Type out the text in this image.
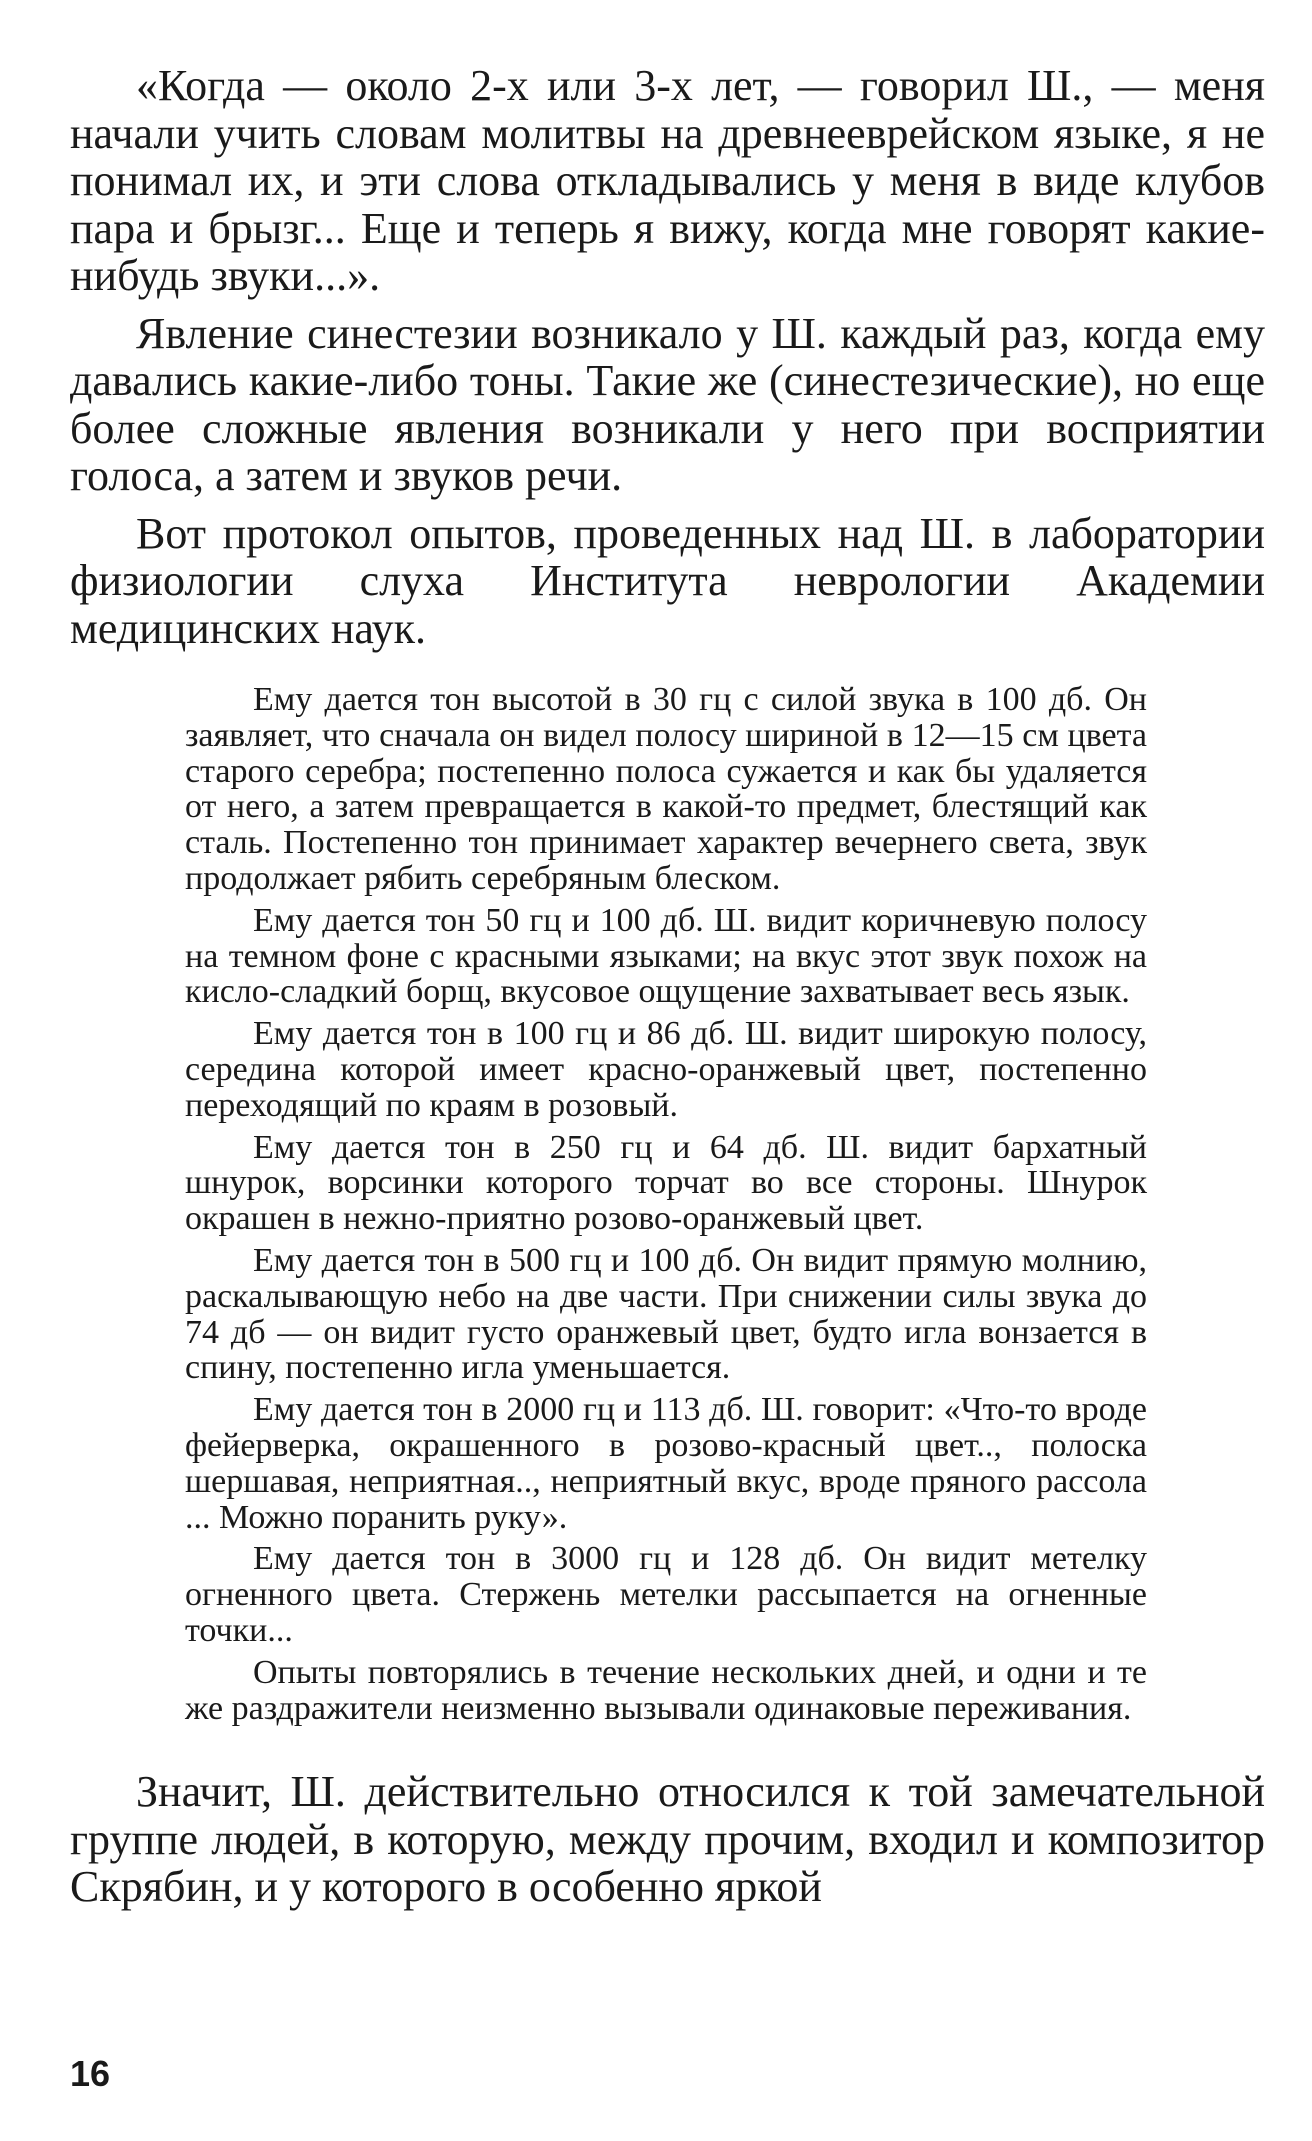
«Когда — около 2-х или 3-х лет, — говорил Ш., — меня начали учить словам молитвы на древнееврейском языке, я не понимал их, и эти слова откладывались у меня в виде клубов пара и брызг... Еще и теперь я вижу, когда мне говорят какие-нибудь звуки...».

Явление синестезии возникало у Ш. каждый раз, когда ему давались какие-либо тоны. Такие же (синестезические), но еще более сложные явления возникали у него при восприятии голоса, а затем и звуков речи.

Вот протокол опытов, проведенных над Ш. в лаборатории физиологии слуха Института неврологии Академии медицинских наук.

Ему дается тон высотой в 30 гц с силой звука в 100 дб. Он заявляет, что сначала он видел полосу шириной в 12—15 см цвета старого серебра; постепенно полоса сужается и как бы удаляется от него, а затем превращается в какой-то предмет, блестящий как сталь. Постепенно тон принимает характер вечернего света, звук продолжает рябить серебряным блеском.

Ему дается тон 50 гц и 100 дб. Ш. видит коричневую полосу на темном фоне с красными языками; на вкус этот звук похож на кисло-сладкий борщ, вкусовое ощущение захватывает весь язык.

Ему дается тон в 100 гц и 86 дб. Ш. видит широкую полосу, середина которой имеет красно-оранжевый цвет, постепенно переходящий по краям в розовый.

Ему дается тон в 250 гц и 64 дб. Ш. видит бархатный шнурок, ворсинки которого торчат во все стороны. Шнурок окрашен в нежно-приятно розово-оранжевый цвет.

Ему дается тон в 500 гц и 100 дб. Он видит прямую молнию, раскалывающую небо на две части. При снижении силы звука до 74 дб — он видит густо оранжевый цвет, будто игла вонзается в спину, постепенно игла уменьшается.

Ему дается тон в 2000 гц и 113 дб. Ш. говорит: «Что-то вроде фейерверка, окрашенного в розово-красный цвет.., полоска шершавая, неприятная.., неприятный вкус, вроде пряного рассола ... Можно поранить руку».

Ему дается тон в 3000 гц и 128 дб. Он видит метелку огненного цвета. Стержень метелки рассыпается на огненные точки...

Опыты повторялись в течение нескольких дней, и одни и те же раздражители неизменно вызывали одинаковые переживания.

Значит, Ш. действительно относился к той замечательной группе людей, в которую, между прочим, входил и композитор Скрябин, и у которого в особенно яркой

16
